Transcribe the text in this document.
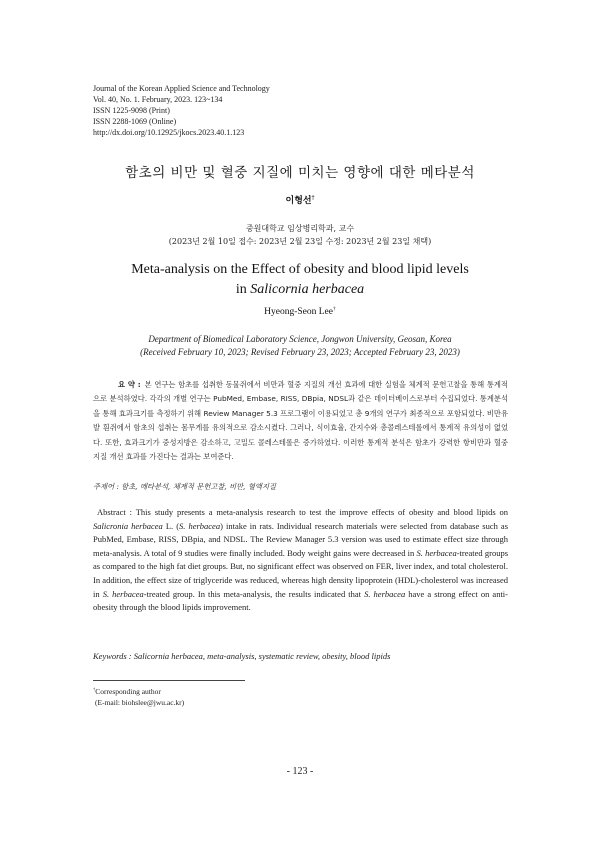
Journal of the Korean Applied Science and Technology
Vol. 40, No. 1. February, 2023. 123~134
ISSN 1225-9098 (Print)
ISSN 2288-1069 (Online)
http://dx.doi.org/10.12925/jkocs.2023.40.1.123
함초의 비만 및 혈중 지질에 미치는 영향에 대한 메타분석
이형선†
중원대학교 임상병리학과, 교수
(2023년 2월 10일 접수: 2023년 2월 23일 수정: 2023년 2월 23일 채택)
Meta-analysis on the Effect of obesity and blood lipid levels
in Salicornia herbacea
Hyeong-Seon Lee†
Department of Biomedical Laboratory Science, Jongwon University, Geosan, Korea
(Received February 10, 2023; Revised February 23, 2023; Accepted February 23, 2023)

요 약 : 본 연구는 함초를 섭취한 동물쥐에서 비만과 혈중 지질의 개선 효과에 대한 실험을 체계적 문헌고찰을 통해 통계적으로 분석하였다. 각각의 개별 연구는 PubMed, Embase, RISS, DBpia, NDSL과 같은 데이터베이스로부터 수집되었다. 통계분석을 통해 효과크기를 측정하기 위해 Review Manager 5.3 프로그램이 이용되었고 총 9개의 연구가 최종적으로 포함되었다. 비만유발 흰쥐에서 함초의 섭취는 몸무게를 유의적으로 감소시켰다. 그러나, 식이효율, 간지수와 총콜레스테롤에서 통계적 유의성이 없었다. 또한, 효과크기가 중성지방은 감소하고, 고밀도 콜레스테롤은 증가하였다. 이러한 통계적 분석은 함초가 강력한 항비만과 혈중 지질 개선 효과를 가진다는 결과는 보여준다.

주제어 : 함초, 메타분석, 체계적 문헌고찰, 비만, 혈액지질

Abstract : This study presents a meta-analysis research to test the improve effects of obesity and blood lipids on Salicronia herbacea L. (S. herbacea) intake in rats. Individual research materials were selected from database such as PubMed, Embase, RISS, DBpia, and NDSL. The Review Manager 5.3 version was used to estimate effect size through meta-analysis. A total of 9 studies were finally included. Body weight gains were decreased in S. herbacea-treated groups as compared to the high fat diet groups. But, no significant effect was observed on FER, liver index, and total cholesterol. In addition, the effect size of triglyceride was reduced, whereas high density lipoprotein (HDL)-cholesterol was increased in S. herbacea-treated group. In this meta-analysis, the results indicated that S. herbacea have a strong effect on anti-obesity through the blood lipids improvement.

Keywords : Salicornia herbacea, meta-analysis, systematic review, obesity, blood lipids
†Corresponding author
(E-mail: biohslee@jwu.ac.kr)
- 123 -
